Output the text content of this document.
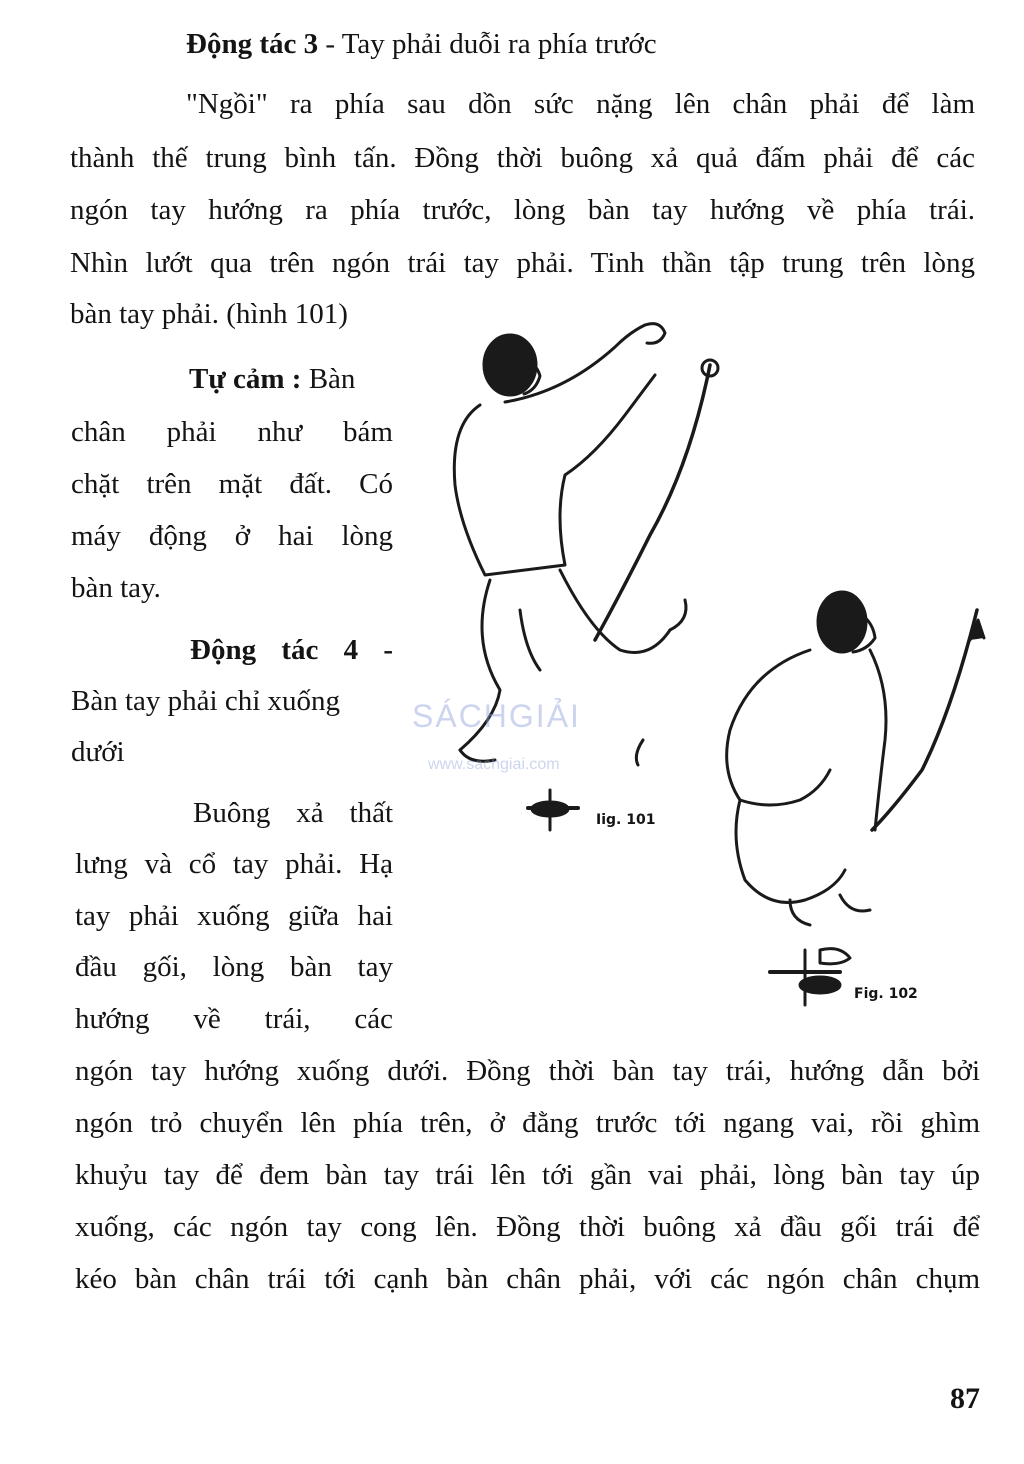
Động tác 3 - Tay phải duỗi ra phía trước
"Ngồi" ra phía sau dồn sức nặng lên chân phải để làm
thành thế trung bình tấn. Đồng thời buông xả quả đấm phải để các
ngón tay hướng ra phía trước, lòng bàn tay hướng về phía trái.
Nhìn lướt qua trên ngón trái tay phải. Tinh thần tập trung trên lòng
bàn tay phải. (hình 101)
Tự cảm : Bàn
chân phải như bám
chặt trên mặt đất. Có
máy động ở hai lòng
bàn tay.
Động tác 4 -
Bàn tay phải chỉ xuống
dưới
Buông xả thất
lưng và cổ tay phải. Hạ
tay phải xuống giữa hai
đầu gối, lòng bàn tay
hướng về trái, các
ngón tay hướng xuống dưới. Đồng thời bàn tay trái, hướng dẫn bởi
ngón trỏ chuyển lên phía trên, ở đằng trước tới ngang vai, rồi ghìm
khuỷu tay để đem bàn tay trái lên tới gần vai phải, lòng bàn tay úp
xuống, các ngón tay cong lên. Đồng thời buông xả đầu gối trái để
kéo bàn chân trái tới cạnh bàn chân phải, với các ngón chân chụm
Iig. 101
Fig. 102
SÁCHGIẢI
www.sachgiai.com
87
